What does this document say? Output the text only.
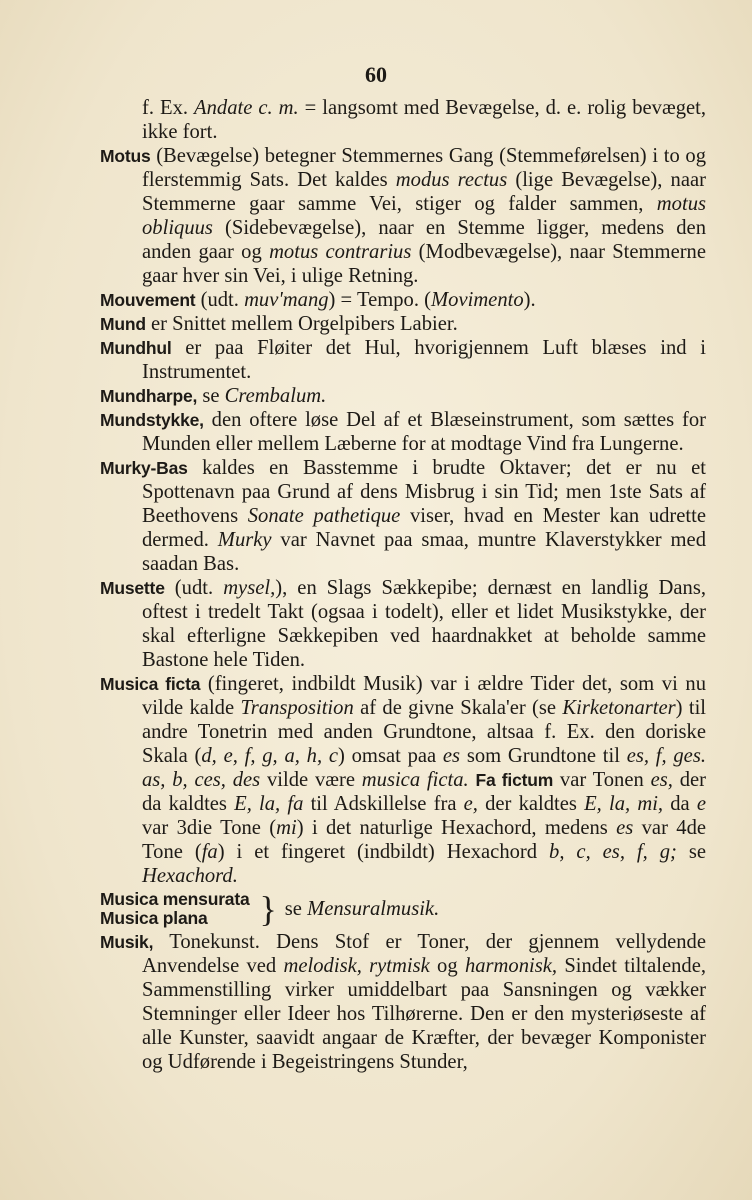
60
f. Ex. Andate c. m. = langsomt med Bevægelse, d. e. rolig bevæget, ikke fort.
Motus (Bevægelse) betegner Stemmernes Gang (Stemmeførelsen) i to og flerstemmig Sats. Det kaldes modus rectus (lige Bevægelse), naar Stemmerne gaar samme Vei, stiger og falder sammen, motus obliquus (Sidebevægelse), naar en Stemme ligger, medens den anden gaar og motus contrarius (Modbevægelse), naar Stemmerne gaar hver sin Vei, i ulige Retning.
Mouvement (udt. muv'mang) = Tempo. (Movimento).
Mund er Snittet mellem Orgelpibers Labier.
Mundhul er paa Fløiter det Hul, hvorigjennem Luft blæses ind i Instrumentet.
Mundharpe, se Crembalum.
Mundstykke, den oftere løse Del af et Blæseinstrument, som sættes for Munden eller mellem Læberne for at modtage Vind fra Lungerne.
Murky-Bas kaldes en Basstemme i brudte Oktaver; det er nu et Spottenavn paa Grund af dens Misbrug i sin Tid; men 1ste Sats af Beethovens Sonate pathetique viser, hvad en Mester kan udrette dermed. Murky var Navnet paa smaa, muntre Klaverstykker med saadan Bas.
Musette (udt. mysel,), en Slags Sækkepibe; dernæst en landlig Dans, oftest i tredelt Takt (ogsaa i todelt), eller et lidet Musikstykke, der skal efterligne Sækkepiben ved haardnakket at beholde samme Bastone hele Tiden.
Musica ficta (fingeret, indbildt Musik) var i ældre Tider det, som vi nu vilde kalde Transposition af de givne Skala'er (se Kirketonarter) til andre Tonetrin med anden Grundtone, altsaa f. Ex. den doriske Skala (d, e, f, g, a, h, c) omsat paa es som Grundtone til es, f, ges. as, b, ces, des vilde være musica ficta. Fa fictum var Tonen es, der da kaldtes E, la, fa til Adskillelse fra e, der kaldtes E, la, mi, da e var 3die Tone (mi) i det naturlige Hexachord, medens es var 4de Tone (fa) i et fingeret (indbildt) Hexachord b, c, es, f, g; se Hexachord.
Musica mensurata
Musica plana	} se Mensuralmusik.
Musik, Tonekunst. Dens Stof er Toner, der gjennem vellydende Anvendelse ved melodisk, rytmisk og harmonisk, Sindet tiltalende, Sammenstilling virker umiddelbart paa Sansningen og vækker Stemninger eller Ideer hos Tilhørerne. Den er den mysteriøseste af alle Kunster, saavidt angaar de Kræfter, der bevæger Komponister og Udførende i Begeistringens Stunder,
